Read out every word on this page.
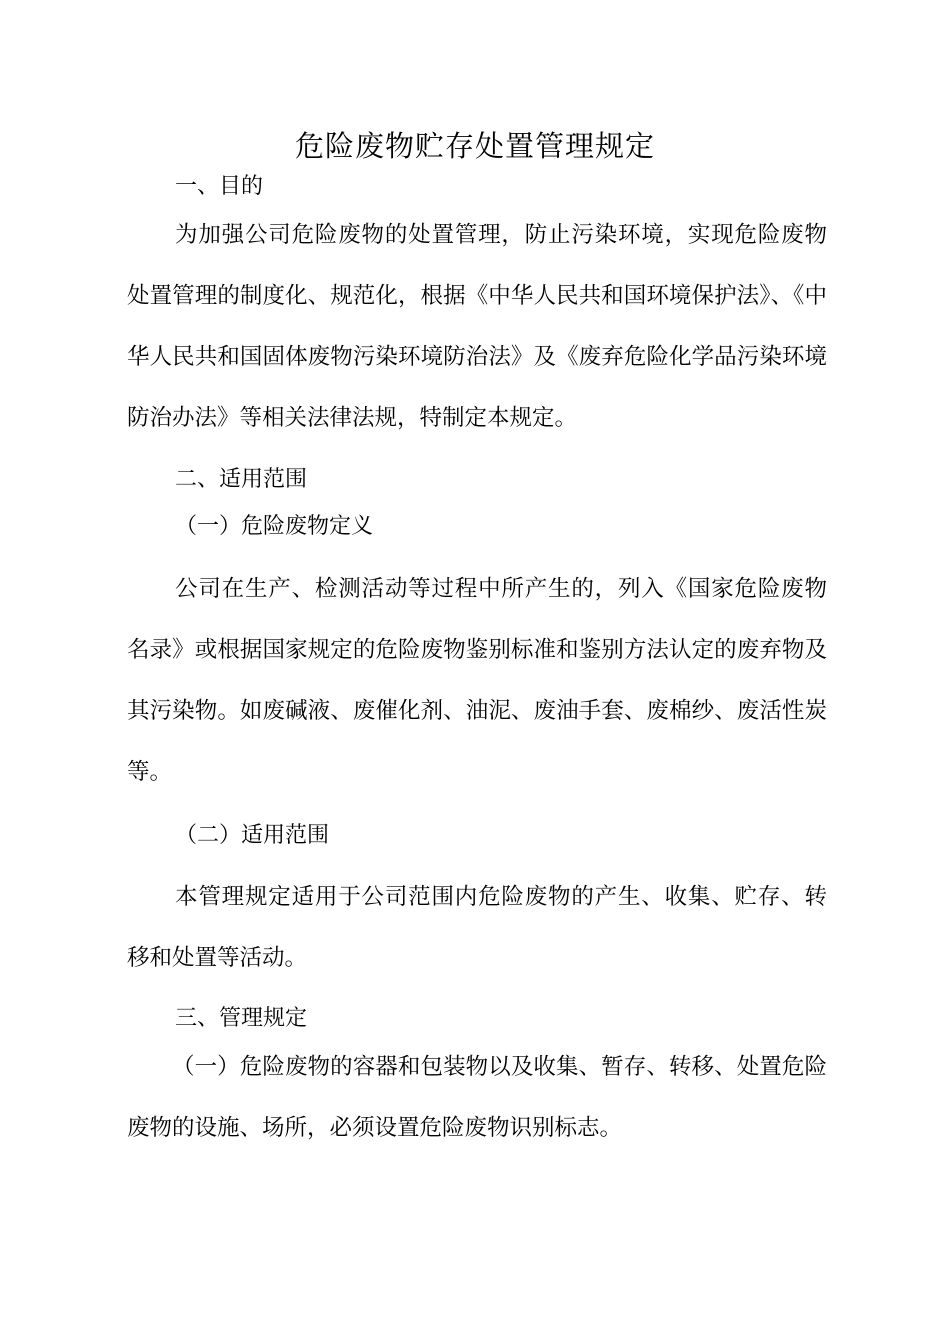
危险废物贮存处置管理规定
一、目的

为加强公司危险废物的处置管理，防止污染环境，实现危险废物处置管理的制度化、规范化，根据《中华人民共和国环境保护法》、《中华人民共和国固体废物污染环境防治法》及《废弃危险化学品污染环境防治办法》等相关法律法规，特制定本规定。

二、适用范围
（一）危险废物定义

公司在生产、检测活动等过程中所产生的，列入《国家危险废物名录》或根据国家规定的危险废物鉴别标准和鉴别方法认定的废弃物及其污染物。如废碱液、废催化剂、油泥、废油手套、废棉纱、废活性炭等。

（二）适用范围

本管理规定适用于公司范围内危险废物的产生、收集、贮存、转移和处置等活动。

三、管理规定

（一）危险废物的容器和包装物以及收集、暂存、转移、处置危险废物的设施、场所，必须设置危险废物识别标志。
